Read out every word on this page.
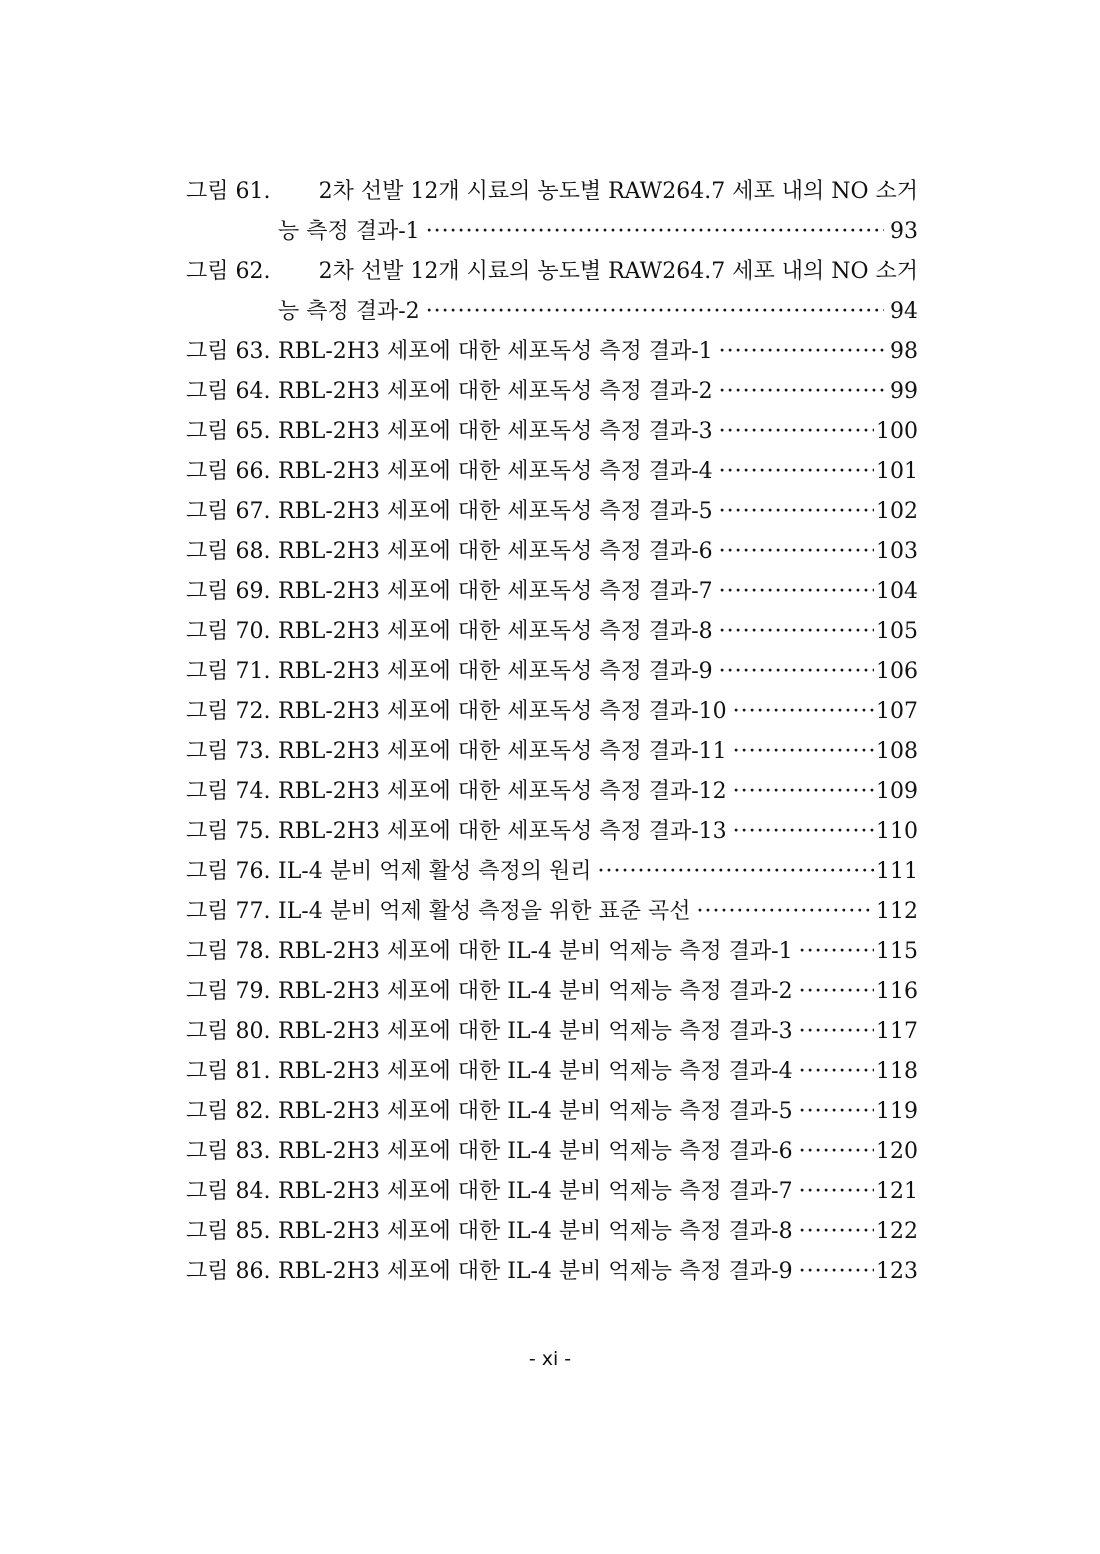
그림 61.	2차 선발 12개 시료의 농도별 RAW264.7 세포 내의 NO 소거
능 측정 결과-1 ·····	93
그림 62.	2차 선발 12개 시료의 농도별 RAW264.7 세포 내의 NO 소거
능 측정 결과-2 ·····	94
그림 63. RBL-2H3 세포에 대한 세포독성 측정 결과-1 ·····	98
그림 64. RBL-2H3 세포에 대한 세포독성 측정 결과-2 ·····	99
그림 65. RBL-2H3 세포에 대한 세포독성 측정 결과-3 ·····	100
그림 66. RBL-2H3 세포에 대한 세포독성 측정 결과-4 ·····	101
그림 67. RBL-2H3 세포에 대한 세포독성 측정 결과-5 ·····	102
그림 68. RBL-2H3 세포에 대한 세포독성 측정 결과-6 ·····	103
그림 69. RBL-2H3 세포에 대한 세포독성 측정 결과-7 ·····	104
그림 70. RBL-2H3 세포에 대한 세포독성 측정 결과-8 ·····	105
그림 71. RBL-2H3 세포에 대한 세포독성 측정 결과-9 ·····	106
그림 72. RBL-2H3 세포에 대한 세포독성 측정 결과-10 ·····	107
그림 73. RBL-2H3 세포에 대한 세포독성 측정 결과-11 ·····	108
그림 74. RBL-2H3 세포에 대한 세포독성 측정 결과-12 ·····	109
그림 75. RBL-2H3 세포에 대한 세포독성 측정 결과-13 ·····	110
그림 76. IL-4 분비 억제 활성 측정의 원리 ·····	111
그림 77. IL-4 분비 억제 활성 측정을 위한 표준 곡선 ·····	112
그림 78. RBL-2H3 세포에 대한 IL-4 분비 억제능 측정 결과-1 ·····	115
그림 79. RBL-2H3 세포에 대한 IL-4 분비 억제능 측정 결과-2 ·····	116
그림 80. RBL-2H3 세포에 대한 IL-4 분비 억제능 측정 결과-3 ·····	117
그림 81. RBL-2H3 세포에 대한 IL-4 분비 억제능 측정 결과-4 ·····	118
그림 82. RBL-2H3 세포에 대한 IL-4 분비 억제능 측정 결과-5 ·····	119
그림 83. RBL-2H3 세포에 대한 IL-4 분비 억제능 측정 결과-6 ·····	120
그림 84. RBL-2H3 세포에 대한 IL-4 분비 억제능 측정 결과-7 ·····	121
그림 85. RBL-2H3 세포에 대한 IL-4 분비 억제능 측정 결과-8 ·····	122
그림 86. RBL-2H3 세포에 대한 IL-4 분비 억제능 측정 결과-9 ·····	123
- xi -
